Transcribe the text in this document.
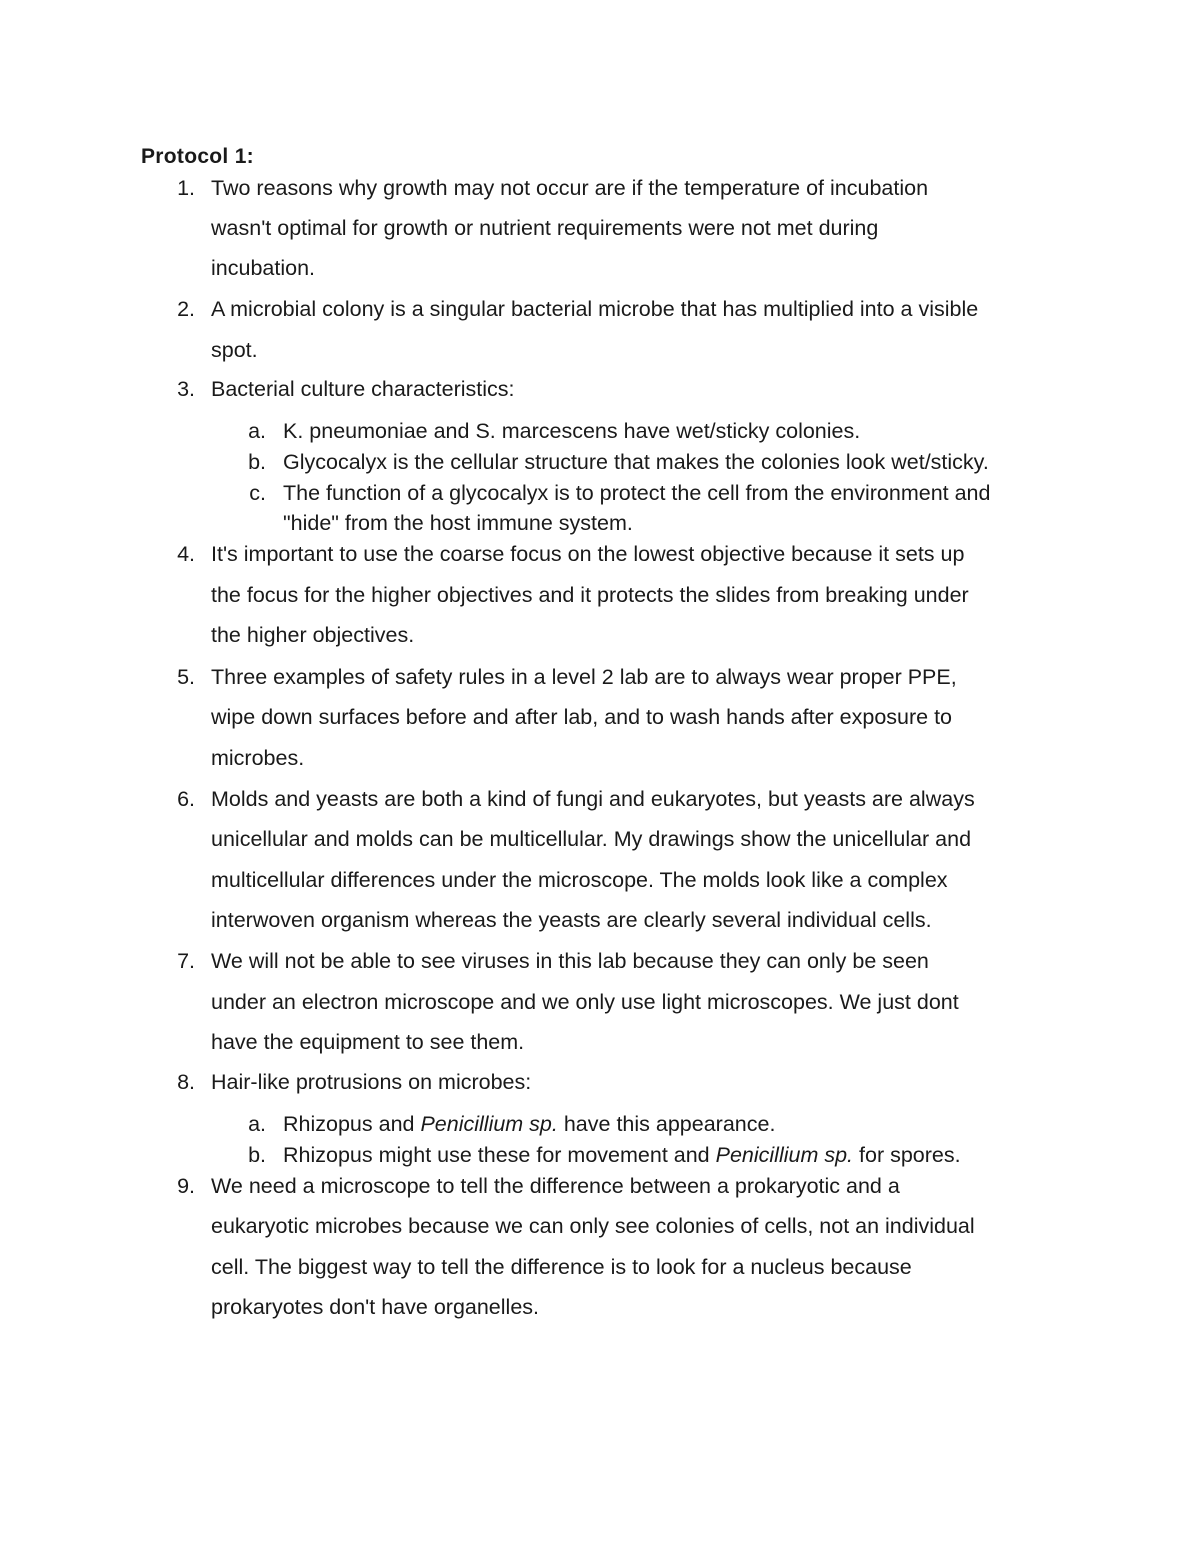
Protocol 1:
1. Two reasons why growth may not occur are if the temperature of incubation
wasn't optimal for growth or nutrient requirements were not met during
incubation.
2. A microbial colony is a singular bacterial microbe that has multiplied into a visible
spot.
3. Bacterial culture characteristics:
a. K. pneumoniae and S. marcescens have wet/sticky colonies.
b. Glycocalyx is the cellular structure that makes the colonies look wet/sticky.
c. The function of a glycocalyx is to protect the cell from the environment and
"hide" from the host immune system.
4. It's important to use the coarse focus on the lowest objective because it sets up
the focus for the higher objectives and it protects the slides from breaking under
the higher objectives.
5. Three examples of safety rules in a level 2 lab are to always wear proper PPE,
wipe down surfaces before and after lab, and to wash hands after exposure to
microbes.
6. Molds and yeasts are both a kind of fungi and eukaryotes, but yeasts are always
unicellular and molds can be multicellular. My drawings show the unicellular and
multicellular differences under the microscope. The molds look like a complex
interwoven organism whereas the yeasts are clearly several individual cells.
7. We will not be able to see viruses in this lab because they can only be seen
under an electron microscope and we only use light microscopes. We just dont
have the equipment to see them.
8. Hair-like protrusions on microbes:
a. Rhizopus and Penicillium sp. have this appearance.
b. Rhizopus might use these for movement and Penicillium sp. for spores.
9. We need a microscope to tell the difference between a prokaryotic and a
eukaryotic microbes because we can only see colonies of cells, not an individual
cell. The biggest way to tell the difference is to look for a nucleus because
prokaryotes don't have organelles.
